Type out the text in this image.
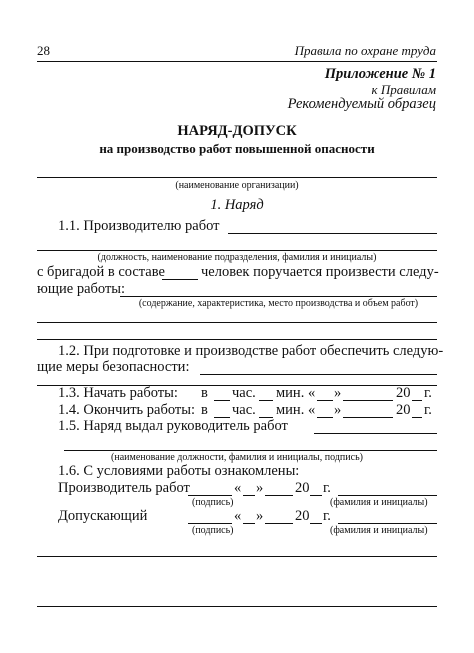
28	Правила по охране труда
Приложение № 1
к Правилам
Рекомендуемый образец
НАРЯД-ДОПУСК
на производство работ повышенной опасности
(наименование организации)
1. Наряд
1.1. Производителю работ
(должность, наименование подразделения, фамилия и инициалы)
с бригадой в составе человек поручается произвести следу-
ющие работы:
(содержание, характеристика, место производства и объем работ)
1.2. При подготовке и производстве работ обеспечить следую-
щие меры безопасности:
1.3. Начать работы: в час. мин. « »	20 г.
1.4. Окончить работы: в час. мин. « »	20 г.
1.5. Наряд выдал руководитель работ
(наименование должности, фамилия и инициалы, подпись)
1.6. С условиями работы ознакомлены:
Производитель работ	« » 20 г.
(подпись)	(фамилия и инициалы)
Допускающий	« » 20 г.
(подпись)	(фамилия и инициалы)
